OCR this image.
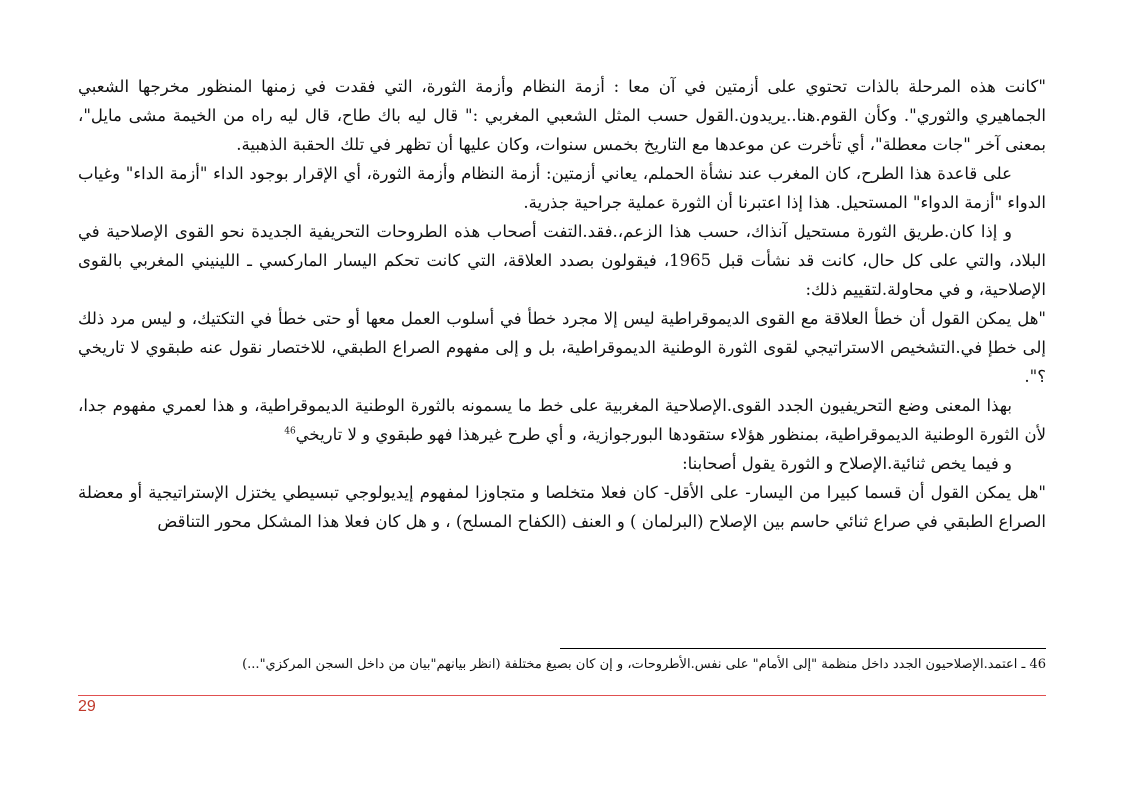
"كانت هذه المرحلة بالذات تحتوي على أزمتين في آن معا : أزمة النظام وأزمة الثورة، التي فقدت في زمنها المنظور مخرجها الشعبي الجماهيري والثوري". وكأن القوم.هنا..يريدون.القول حسب المثل الشعبي المغربي :" قال ليه باك طاح، قال ليه راه من الخيمة مشى مايل"، بمعنى آخر "جات معطلة"، أي تأخرت عن موعدها مع التاريخ بخمس سنوات، وكان عليها أن تظهر في تلك الحقبة الذهبية.

على قاعدة هذا الطرح، كان المغرب عند نشأة الحملم، يعاني أزمتين: أزمة النظام وأزمة الثورة، أي الإقرار بوجود الداء "أزمة الداء" وغياب الدواء "أزمة الدواء" المستحيل. هذا إذا اعتبرنا أن الثورة عملية جراحية جذرية.

و إذا كان.طريق الثورة مستحيل آنذاك، حسب هذا الزعم،.فقد.التفت أصحاب هذه الطروحات التحريفية الجديدة نحو القوى الإصلاحية في البلاد، والتي على كل حال، كانت قد نشأت قبل 1965، فيقولون بصدد العلاقة، التي كانت تحكم اليسار الماركسي ـ اللينيني المغربي بالقوى الإصلاحية، و في محاولة.لتقييم ذلك:

"هل يمكن القول أن خطأ العلاقة مع القوى الديموقراطية ليس إلا مجرد خطأ في أسلوب العمل معها أو حتى خطأ في التكتيك، و ليس مرد ذلك إلى خطإ في.التشخيص الاستراتيجي لقوى الثورة الوطنية الديموقراطية، بل و إلى مفهوم الصراع الطبقي، للاختصار نقول عنه طبقوي لا تاريخي ؟".

بهذا المعنى وضع التحريفيون الجدد القوى.الإصلاحية المغربية على خط ما يسمونه بالثورة الوطنية الديموقراطية، و هذا لعمري مفهوم جدا، لأن الثورة الوطنية الديموقراطية، بمنظور هؤلاء ستقودها البورجوازية، و أي طرح غيرهذا فهو طبقوي و لا تاريخي$^{46}$

و فيما يخص ثنائية.الإصلاح و الثورة يقول أصحابنا:

"هل يمكن القول أن قسما كبيرا من اليسار- على الأقل- كان فعلا متخلصا و متجاوزا لمفهوم إيديولوجي تبسيطي يختزل الإستراتيجية أو معضلة الصراع الطبقي في صراع ثنائي حاسم بين الإصلاح (البرلمان ) و العنف (الكفاح المسلح) ، و هل كان فعلا هذا المشكل محور التناقض

46 ـ اعتمد.الإصلاحيون الجدد داخل منظمة "إلى الأمام" على نفس.الأطروحات، و إن كان بصيغ مختلفة (انظر بيانهم"بيان من داخل السجن المركزي"...)
29
